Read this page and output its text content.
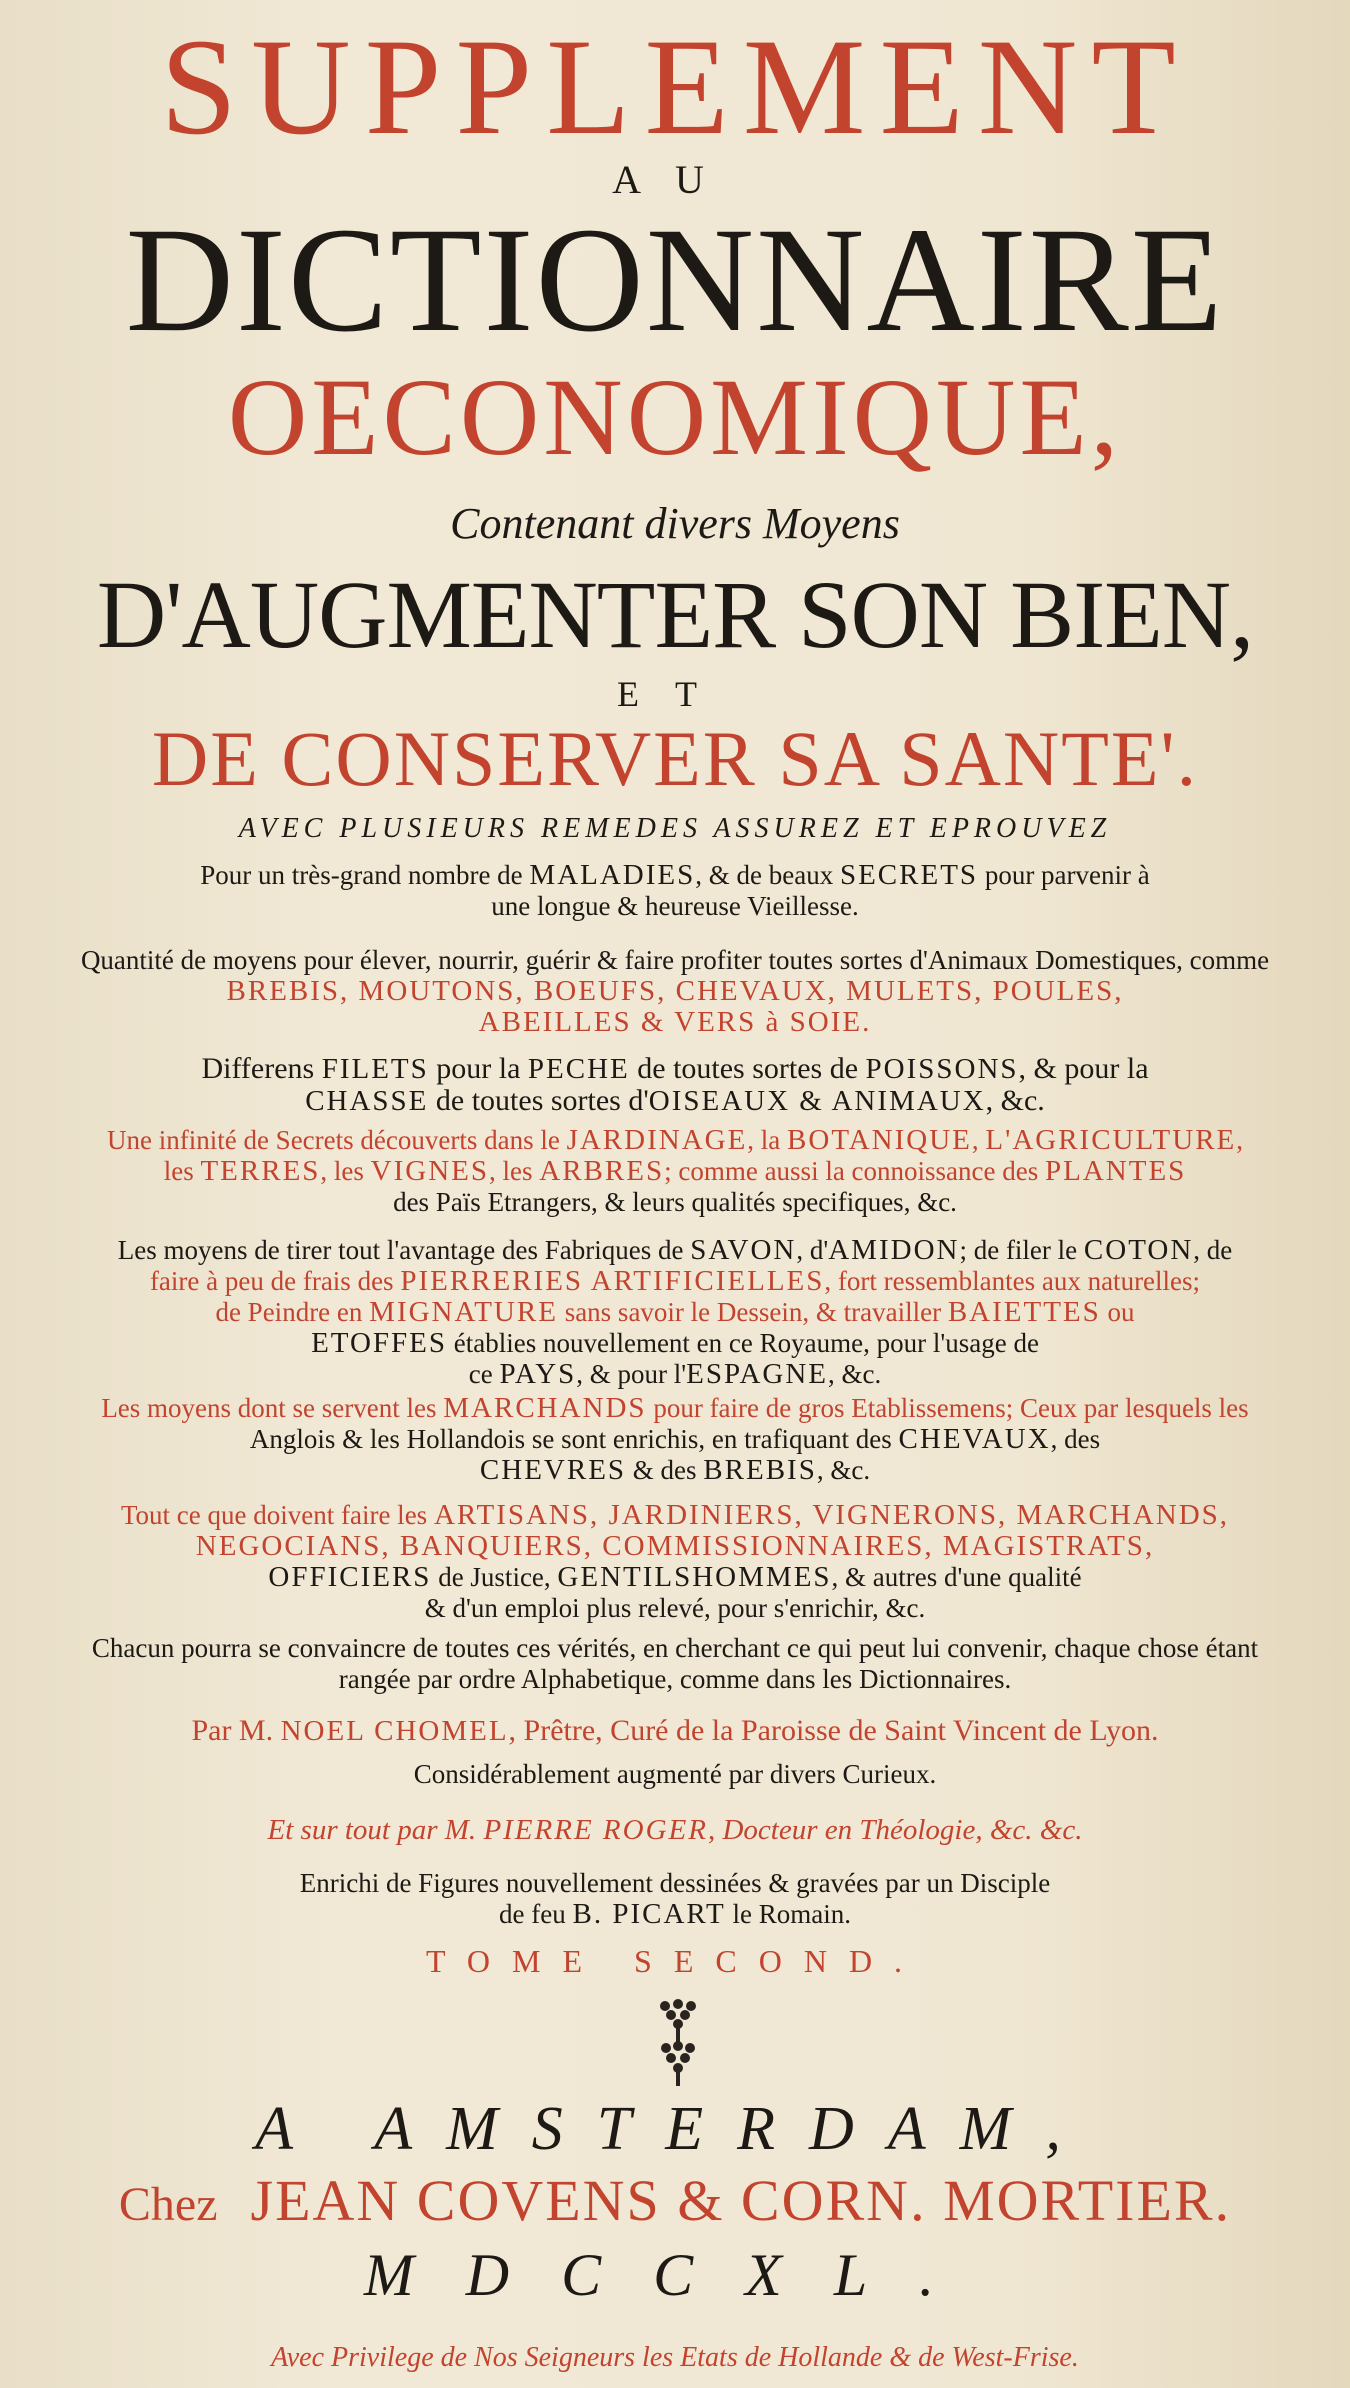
SUPPLEMENT
AU
DICTIONNAIRE
OECONOMIQUE,
Contenant divers Moyens
D'AUGMENTER SON BIEN,
ET
DE CONSERVER SA SANTE'.
AVEC PLUSIEURS REMEDES ASSUREZ ET EPROUVEZ
Pour un très-grand nombre de MALADIES, & de beaux SECRETS pour parvenir à
une longue & heureuse Vieillesse.
Quantité de moyens pour élever, nourrir, guérir & faire profiter toutes sortes d'Animaux Domestiques, comme
BREBIS, MOUTONS, BOEUFS, CHEVAUX, MULETS, POULES,
ABEILLES & VERS à SOIE.
Differens FILETS pour la PECHE de toutes sortes de POISSONS, & pour la
CHASSE de toutes sortes d'OISEAUX & ANIMAUX, &c.
Une infinité de Secrets découverts dans le JARDINAGE, la BOTANIQUE, L'AGRICULTURE,
les TERRES, les VIGNES, les ARBRES; comme aussi la connoissance des PLANTES
des Païs Etrangers, & leurs qualités specifiques, &c.
Les moyens de tirer tout l'avantage des Fabriques de SAVON, d'AMIDON; de filer le COTON, de
faire à peu de frais des PIERRERIES ARTIFICIELLES, fort ressemblantes aux naturelles;
de Peindre en MIGNATURE sans savoir le Dessein, & travailler BAIETTES ou
ETOFFES établies nouvellement en ce Royaume, pour l'usage de
ce PAYS, & pour l'ESPAGNE, &c.
Les moyens dont se servent les MARCHANDS pour faire de gros Etablissemens; Ceux par lesquels les
Anglois & les Hollandois se sont enrichis, en trafiquant des CHEVAUX, des
CHEVRES & des BREBIS, &c.
Tout ce que doivent faire les ARTISANS, JARDINIERS, VIGNERONS, MARCHANDS,
NEGOCIANS, BANQUIERS, COMMISSIONNAIRES, MAGISTRATS,
OFFICIERS de Justice, GENTILSHOMMES, & autres d'une qualité
& d'un emploi plus relevé, pour s'enrichir, &c.
Chacun pourra se convaincre de toutes ces vérités, en cherchant ce qui peut lui convenir, chaque chose étant
rangée par ordre Alphabetique, comme dans les Dictionnaires.
Par M. NOEL CHOMEL, Prêtre, Curé de la Paroisse de Saint Vincent de Lyon.
Considérablement augmenté par divers Curieux.
Et sur tout par M. PIERRE ROGER, Docteur en Théologie, &c. &c.
Enrichi de Figures nouvellement dessinées & gravées par un Disciple
de feu B. PICART le Romain.
TOME SECOND.
A AMSTERDAM,
Chez JEAN COVENS & CORN. MORTIER.
MDCCXL.
Avec Privilege de Nos Seigneurs les Etats de Hollande & de West-Frise.
